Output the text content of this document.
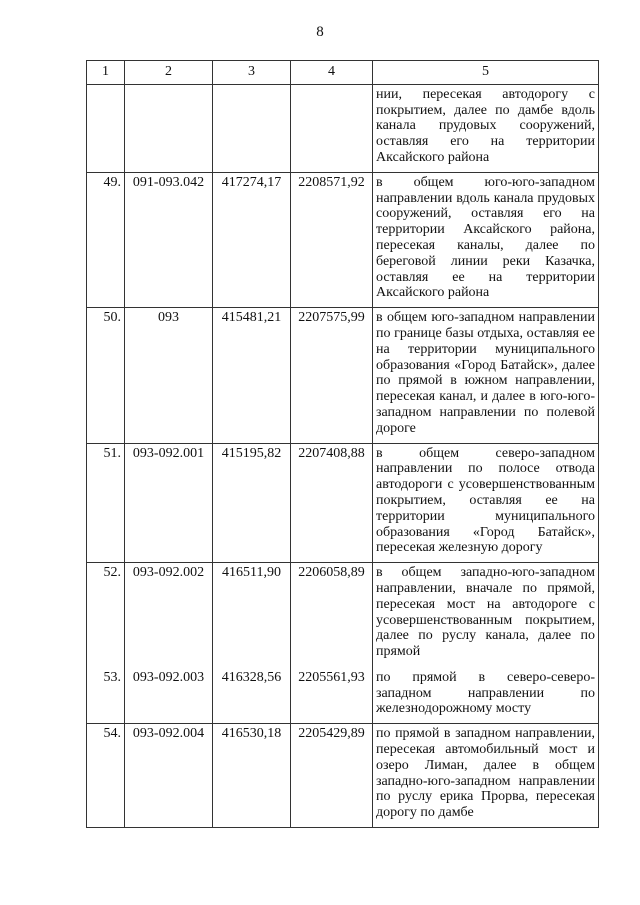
8
1	2	3	4	5
				нии, пересекая автодорогу с покрытием, далее по дамбе вдоль канала прудовых сооружений, оставляя его на территории Аксайского района
49.	091-093.042	417274,17	2208571,92	в общем юго-юго-западном направлении вдоль канала прудовых сооружений, оставляя его на территории Аксайского района, пересекая каналы, далее по береговой линии реки Казачка, оставляя ее на территории Аксайского района
50.	093	415481,21	2207575,99	в общем юго-западном направлении по границе базы отдыха, оставляя ее на территории муниципального образования «Город Батайск», далее по прямой в южном направлении, пересекая канал, и далее в юго-юго-западном направлении по полевой дороге
51.	093-092.001	415195,82	2207408,88	в общем северо-западном направлении по полосе отвода автодороги с усовершенствованным покрытием, оставляя ее на территории муниципального образования «Город Батайск», пересекая железную дорогу
52.	093-092.002	416511,90	2206058,89	в общем западно-юго-западном направлении, вначале по прямой, пересекая мост на автодороге с усовершенствованным покрытием, далее по руслу канала, далее по прямой
53.	093-092.003	416328,56	2205561,93	по прямой в северо-северо-западном направлении по железнодорожному мосту
54.	093-092.004	416530,18	2205429,89	по прямой в западном направлении, пересекая автомобильный мост и озеро Лиман, далее в общем западно-юго-западном направлении по руслу ерика Прорва, пересекая дорогу по дамбе
